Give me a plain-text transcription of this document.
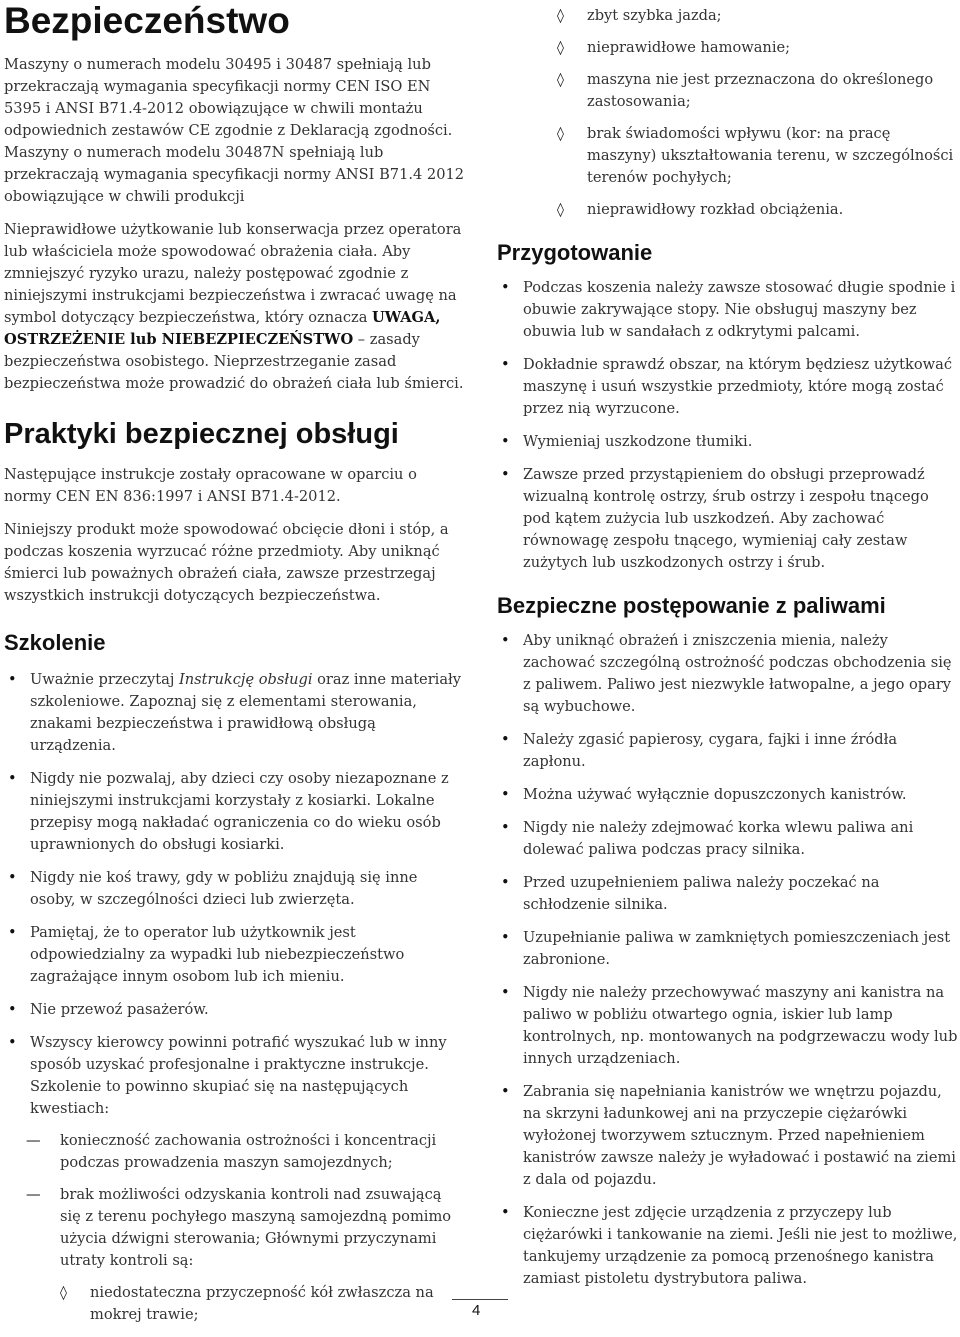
Bezpieczeństwo

Maszyny o numerach modelu 30495 i 30487 spełniają lub przekraczają wymagania specyfikacji normy CEN ISO EN 5395 i ANSI B71.4-2012 obowiązujące w chwili montażu odpowiednich zestawów CE zgodnie z Deklaracją zgodności. Maszyny o numerach modelu 30487N spełniają lub przekraczają wymagania specyfikacji normy ANSI B71.4 2012 obowiązujące w chwili produkcji

Nieprawidłowe użytkowanie lub konserwacja przez operatora lub właściciela może spowodować obrażenia ciała. Aby zmniejszyć ryzyko urazu, należy postępować zgodnie z niniejszymi instrukcjami bezpieczeństwa i zwracać uwagę na symbol dotyczący bezpieczeństwa, który oznacza UWAGA, OSTRZEŻENIE lub NIEBEZPIECZEŃSTWO – zasady bezpieczeństwa osobistego. Nieprzestrzeganie zasad bezpieczeństwa może prowadzić do obrażeń ciała lub śmierci.

Praktyki bezpiecznej obsługi

Następujące instrukcje zostały opracowane w oparciu o normy CEN EN 836:1997 i ANSI B71.4-2012.

Niniejszy produkt może spowodować obcięcie dłoni i stóp, a podczas koszenia wyrzucać różne przedmioty. Aby uniknąć śmierci lub poważnych obrażeń ciała, zawsze przestrzegaj wszystkich instrukcji dotyczących bezpieczeństwa.

Szkolenie
• Uważnie przeczytaj Instrukcję obsługi oraz inne materiały szkoleniowe. Zapoznaj się z elementami sterowania, znakami bezpieczeństwa i prawidłową obsługą urządzenia.
• Nigdy nie pozwalaj, aby dzieci czy osoby niezapoznane z niniejszymi instrukcjami korzystały z kosiarki. Lokalne przepisy mogą nakładać ograniczenia co do wieku osób uprawnionych do obsługi kosiarki.
• Nigdy nie koś trawy, gdy w pobliżu znajdują się inne osoby, w szczególności dzieci lub zwierzęta.
• Pamiętaj, że to operator lub użytkownik jest odpowiedzialny za wypadki lub niebezpieczeństwo zagrażające innym osobom lub ich mieniu.
• Nie przewoź pasażerów.
• Wszyscy kierowcy powinni potrafić wyszukać lub w inny sposób uzyskać profesjonalne i praktyczne instrukcje. Szkolenie to powinno skupiać się na następujących kwestiach:
— konieczność zachowania ostrożności i koncentracji podczas prowadzenia maszyn samojezdnych;
— brak możliwości odzyskania kontroli nad zsuwającą się z terenu pochyłego maszyną samojezdną pomimo użycia dźwigni sterowania; Głównymi przyczynami utraty kontroli są:
◊ niedostateczna przyczepność kół zwłaszcza na mokrej trawie;
◊ zbyt szybka jazda;
◊ nieprawidłowe hamowanie;
◊ maszyna nie jest przeznaczona do określonego zastosowania;
◊ brak świadomości wpływu (kor: na pracę maszyny) ukształtowania terenu, w szczególności terenów pochyłych;
◊ nieprawidłowy rozkład obciążenia.
Przygotowanie
• Podczas koszenia należy zawsze stosować długie spodnie i obuwie zakrywające stopy. Nie obsługuj maszyny bez obuwia lub w sandałach z odkrytymi palcami.
• Dokładnie sprawdź obszar, na którym będziesz użytkować maszynę i usuń wszystkie przedmioty, które mogą zostać przez nią wyrzucone.
• Wymieniaj uszkodzone tłumiki.
• Zawsze przed przystąpieniem do obsługi przeprowadź wizualną kontrolę ostrzy, śrub ostrzy i zespołu tnącego pod kątem zużycia lub uszkodzeń. Aby zachować równowagę zespołu tnącego, wymieniaj cały zestaw zużytych lub uszkodzonych ostrzy i śrub.
Bezpieczne postępowanie z paliwami
• Aby uniknąć obrażeń i zniszczenia mienia, należy zachować szczególną ostrożność podczas obchodzenia się z paliwem. Paliwo jest niezwykle łatwopalne, a jego opary są wybuchowe.
• Należy zgasić papierosy, cygara, fajki i inne źródła zapłonu.
• Można używać wyłącznie dopuszczonych kanistrów.
• Nigdy nie należy zdejmować korka wlewu paliwa ani dolewać paliwa podczas pracy silnika.
• Przed uzupełnieniem paliwa należy poczekać na schłodzenie silnika.
• Uzupełnianie paliwa w zamkniętych pomieszczeniach jest zabronione.
• Nigdy nie należy przechowywać maszyny ani kanistra na paliwo w pobliżu otwartego ognia, iskier lub lamp kontrolnych, np. montowanych na podgrzewaczu wody lub innych urządzeniach.
• Zabrania się napełniania kanistrów we wnętrzu pojazdu, na skrzyni ładunkowej ani na przyczepie ciężarówki wyłożonej tworzywem sztucznym. Przed napełnieniem kanistrów zawsze należy je wyładować i postawić na ziemi z dala od pojazdu.
• Konieczne jest zdjęcie urządzenia z przyczepy lub ciężarówki i tankowanie na ziemi. Jeśli nie jest to możliwe, tankujemy urządzenie za pomocą przenośnego kanistra zamiast pistoletu dystrybutora paliwa.
4
